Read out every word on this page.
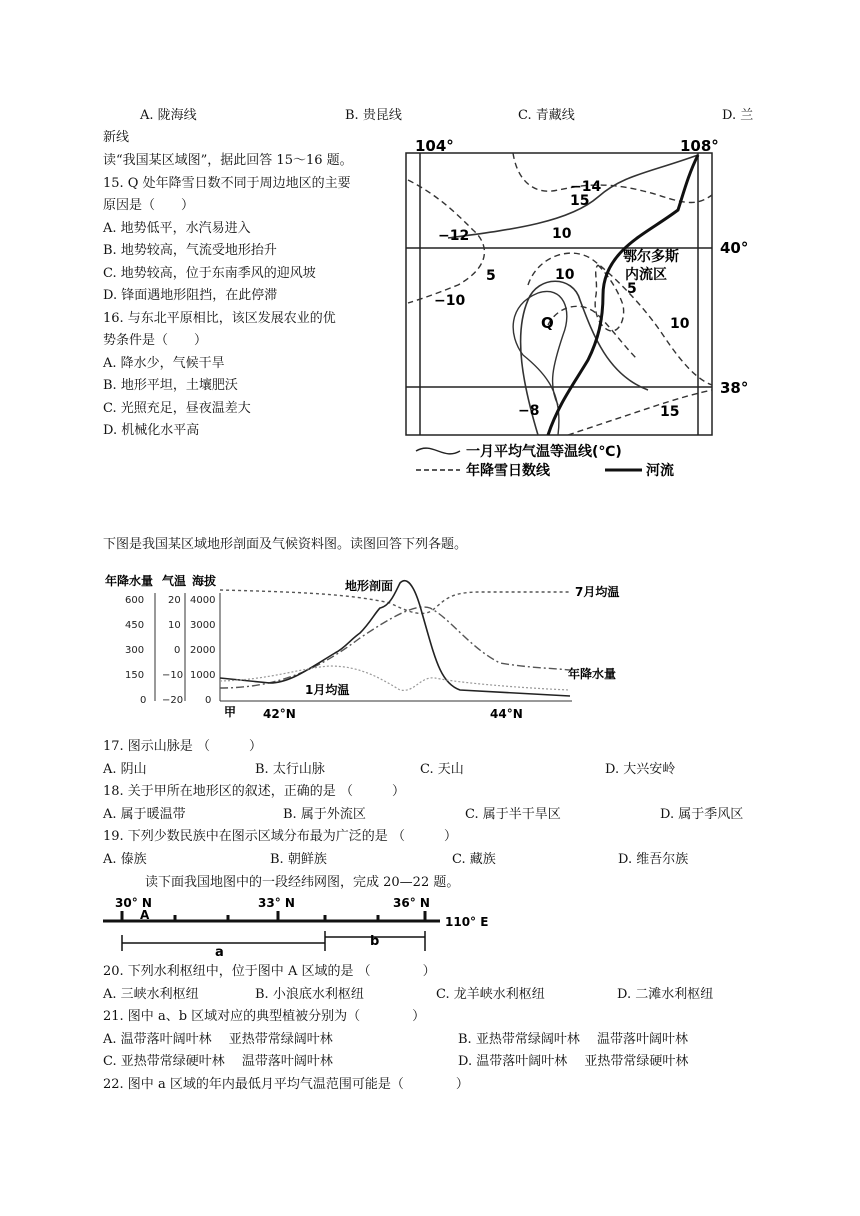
A. 陇海线	B. 贵昆线	C. 青藏线	D. 兰
新线
读“我国某区域图”，据此回答 15～16 题。
15. Q 处年降雪日数不同于周边地区的主要
原因是（　　）
A. 地势低平，水汽易进入
B. 地势较高，气流受地形抬升
C. 地势较高，位于东南季风的迎风坡
D. 锋面遇地形阻挡，在此停滞
16. 与东北平原相比，该区发展农业的优
势条件是（　　）
A. 降水少，气候干旱
B. 地形平坦，土壤肥沃
C. 光照充足，昼夜温差大
D. 机械化水平高
104°	108°
40°
38°
鄂尔多斯
内流区
Q
−14
15
10
−12
5	10
5
−10
10
−8	15
一月平均气温等温线(℃)
年降雪日数线	河流
下图是我国某区域地形剖面及气候资料图。读图回答下列各题。
年降水量 气温 海拔
600
450
300
150
0
20
10
0
−10
−20
4000
3000
2000
1000
0
地形剖面	7月均温
年降水量
1月均温
甲 42°N	44°N
17. 图示山脉是 （　　　）
A. 阴山	B. 太行山脉	C. 天山	D. 大兴安岭
18. 关于甲所在地形区的叙述，正确的是 （　　　）
A. 属于暖温带	B. 属于外流区	C. 属于半干旱区	D. 属于季风区
19. 下列少数民族中在图示区域分布最为广泛的是 （　　　）
A. 傣族	B. 朝鲜族	C. 藏族	D. 维吾尔族
读下面我国地图中的一段经纬网图，完成 20—22 题。
30° N	33° N	36° N
A	110° E
a
b
20. 下列水利枢纽中，位于图中 A 区域的是 （　　　　）
A. 三峡水利枢纽	B. 小浪底水利枢纽	C. 龙羊峡水利枢纽	D. 二滩水利枢纽
21. 图中 a、b 区域对应的典型植被分别为（　　　　）
A. 温带落叶阔叶林　 亚热带常绿阔叶林	B. 亚热带常绿阔叶林　 温带落叶阔叶林
C. 亚热带常绿硬叶林　 温带落叶阔叶林	D. 温带落叶阔叶林　 亚热带常绿硬叶林
22. 图中 a 区域的年内最低月平均气温范围可能是（　　　　）
